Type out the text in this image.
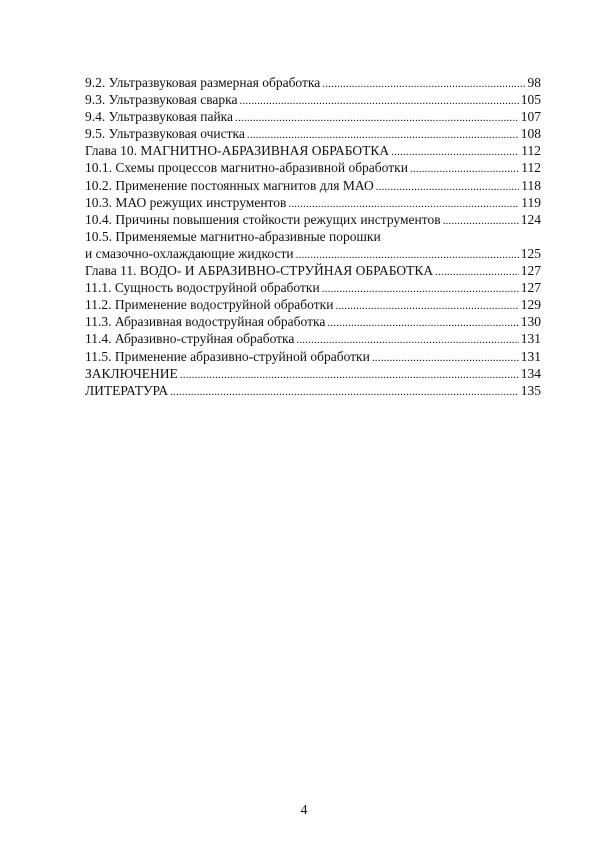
9.2. Ультразвуковая размерная обработка .....	98
9.3. Ультразвуковая сварка .....	105
9.4. Ультразвуковая пайка .....	107
9.5. Ультразвуковая очистка .....	108
Глава 10. МАГНИТНО-АБРАЗИВНАЯ ОБРАБОТКА .....	112
10.1. Схемы процессов магнитно-абразивной обработки .....	112
10.2. Применение постоянных магнитов для МАО .....	118
10.3. МАО режущих инструментов .....	119
10.4. Причины повышения стойкости режущих инструментов .....	124
10.5. Применяемые магнитно-абразивные порошки
и смазочно-охлаждающие жидкости .....	125
Глава 11. ВОДО- И АБРАЗИВНО-СТРУЙНАЯ ОБРАБОТКА .....	127
11.1. Сущность водоструйной обработки .....	127
11.2. Применение водоструйной обработки .....	129
11.3. Абразивная водоструйная обработка .....	130
11.4. Абразивно-струйная обработка .....	131
11.5. Применение абразивно-струйной обработки .....	131
ЗАКЛЮЧЕНИЕ .....	134
ЛИТЕРАТУРА .....	135
4
